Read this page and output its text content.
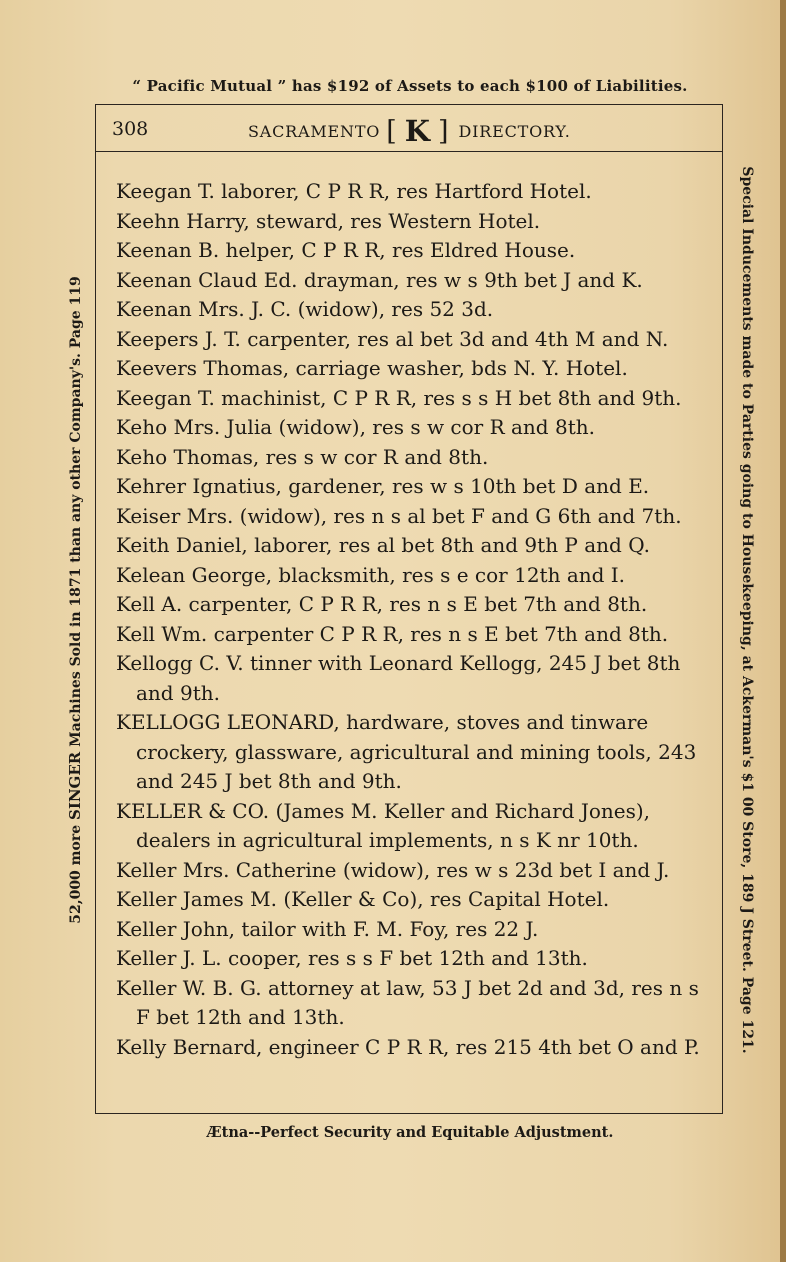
“ Pacific Mutual ” has $192 of Assets to each $100 of Liabilities.
52,000 more SINGER Machines Sold in 1871 than any other Company's. Page 119	Special Inducements made to Parties going to Housekeeping, at Ackerman's $1 00 Store, 189 J Street. Page 121.
308	SACRAMENTO [ K ] DIRECTORY.
Keegan T. laborer, C P R R, res Hartford Hotel.
Keehn Harry, steward, res Western Hotel.
Keenan B. helper, C P R R, res Eldred House.
Keenan Claud Ed. drayman, res w s 9th bet J and K.
Keenan Mrs. J. C. (widow), res 52 3d.
Keepers J. T. carpenter, res al bet 3d and 4th M and N.
Keevers Thomas, carriage washer, bds N. Y. Hotel.
Keegan T. machinist, C P R R, res s s H bet 8th and 9th.
Keho Mrs. Julia (widow), res s w cor R and 8th.
Keho Thomas, res s w cor R and 8th.
Kehrer Ignatius, gardener, res w s 10th bet D and E.
Keiser Mrs. (widow), res n s al bet F and G 6th and 7th.
Keith Daniel, laborer, res al bet 8th and 9th P and Q.
Kelean George, blacksmith, res s e cor 12th and I.
Kell A. carpenter, C P R R, res n s E bet 7th and 8th.
Kell Wm. carpenter C P R R, res n s E bet 7th and 8th.
Kellogg C. V. tinner with Leonard Kellogg, 245 J bet 8th and 9th.
KELLOGG LEONARD, hardware, stoves and tinware crockery, glassware, agricultural and mining tools, 243 and 245 J bet 8th and 9th.
KELLER & CO. (James M. Keller and Richard Jones), dealers in agricultural implements, n s K nr 10th.
Keller Mrs. Catherine (widow), res w s 23d bet I and J.
Keller James M. (Keller & Co), res Capital Hotel.
Keller John, tailor with F. M. Foy, res 22 J.
Keller J. L. cooper, res s s F bet 12th and 13th.
Keller W. B. G. attorney at law, 53 J bet 2d and 3d, res n s F bet 12th and 13th.
Kelly Bernard, engineer C P R R, res 215 4th bet O and P.
Ætna--Perfect Security and Equitable Adjustment.
